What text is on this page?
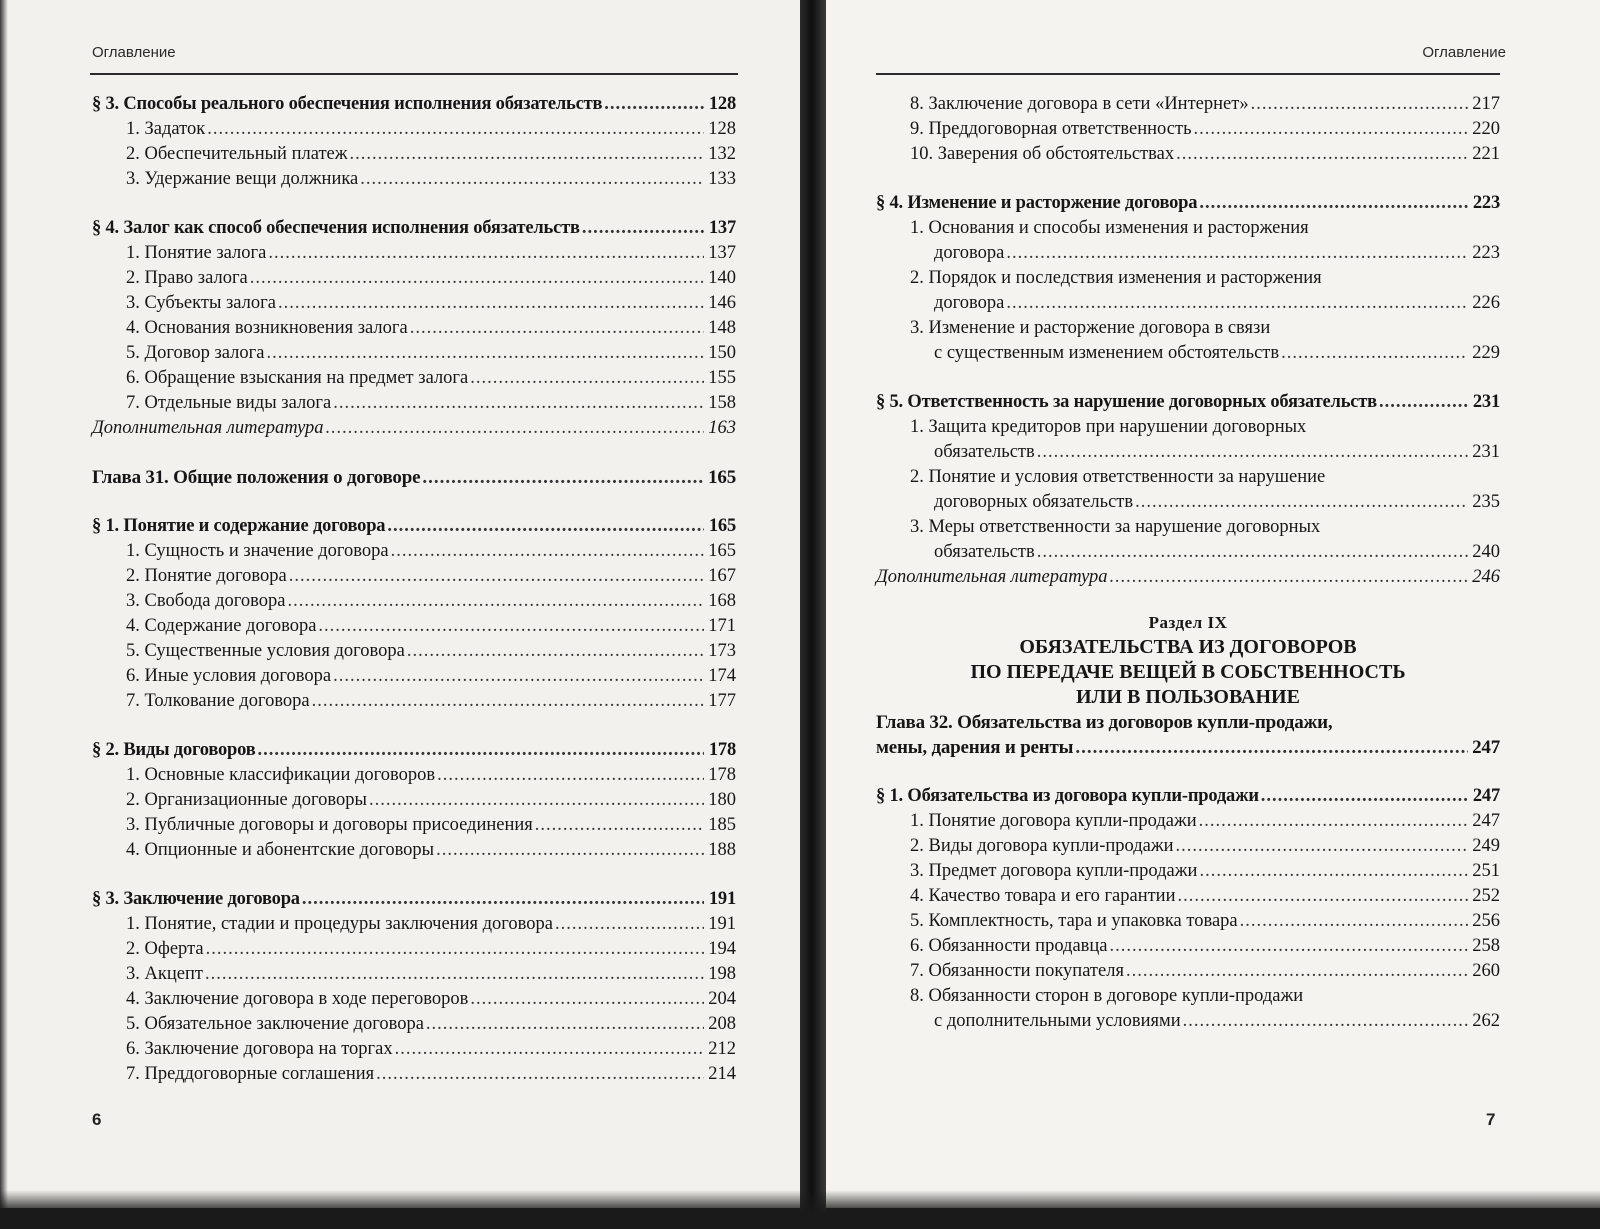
Оглавление
§ 3. Способы реального обеспечения исполнения обязательств .....	128
1. Задаток .....	128
2. Обеспечительный платеж .....	132
3. Удержание вещи должника .....	133
§ 4. Залог как способ обеспечения исполнения обязательств .....	137
1. Понятие залога .....	137
2. Право залога .....	140
3. Субъекты залога .....	146
4. Основания возникновения залога .....	148
5. Договор залога .....	150
6. Обращение взыскания на предмет залога .....	155
7. Отдельные виды залога .....	158
Дополнительная литература .....	163
Глава 31. Общие положения о договоре .....	165
§ 1. Понятие и содержание договора .....	165
1. Сущность и значение договора .....	165
2. Понятие договора .....	167
3. Свобода договора .....	168
4. Содержание договора .....	171
5. Существенные условия договора .....	173
6. Иные условия договора .....	174
7. Толкование договора .....	177
§ 2. Виды договоров .....	178
1. Основные классификации договоров .....	178
2. Организационные договоры .....	180
3. Публичные договоры и договоры присоединения .....	185
4. Опционные и абонентские договоры .....	188
§ 3. Заключение договора .....	191
1. Понятие, стадии и процедуры заключения договора .....	191
2. Оферта .....	194
3. Акцепт .....	198
4. Заключение договора в ходе переговоров .....	204
5. Обязательное заключение договора .....	208
6. Заключение договора на торгах .....	212
7. Преддоговорные соглашения .....	214
6
Оглавление
8. Заключение договора в сети «Интернет» .....	217
9. Преддоговорная ответственность .....	220
10. Заверения об обстоятельствах .....	221
§ 4. Изменение и расторжение договора .....	223
1. Основания и способы изменения и расторжения
договора .....	223
2. Порядок и последствия изменения и расторжения
договора .....	226
3. Изменение и расторжение договора в связи
с существенным изменением обстоятельств .....	229
§ 5. Ответственность за нарушение договорных обязательств .....	231
1. Защита кредиторов при нарушении договорных
обязательств .....	231
2. Понятие и условия ответственности за нарушение
договорных обязательств .....	235
3. Меры ответственности за нарушение договорных
обязательств .....	240
Дополнительная литература .....	246
Раздел IX
ОБЯЗАТЕЛЬСТВА ИЗ ДОГОВОРОВ
ПО ПЕРЕДАЧЕ ВЕЩЕЙ В СОБСТВЕННОСТЬ
ИЛИ В ПОЛЬЗОВАНИЕ
Глава 32. Обязательства из договоров купли-продажи,
мены, дарения и ренты .....	247
§ 1. Обязательства из договора купли-продажи .....	247
1. Понятие договора купли-продажи .....	247
2. Виды договора купли-продажи .....	249
3. Предмет договора купли-продажи .....	251
4. Качество товара и его гарантии .....	252
5. Комплектность, тара и упаковка товара .....	256
6. Обязанности продавца .....	258
7. Обязанности покупателя .....	260
8. Обязанности сторон в договоре купли-продажи
с дополнительными условиями .....	262
7
